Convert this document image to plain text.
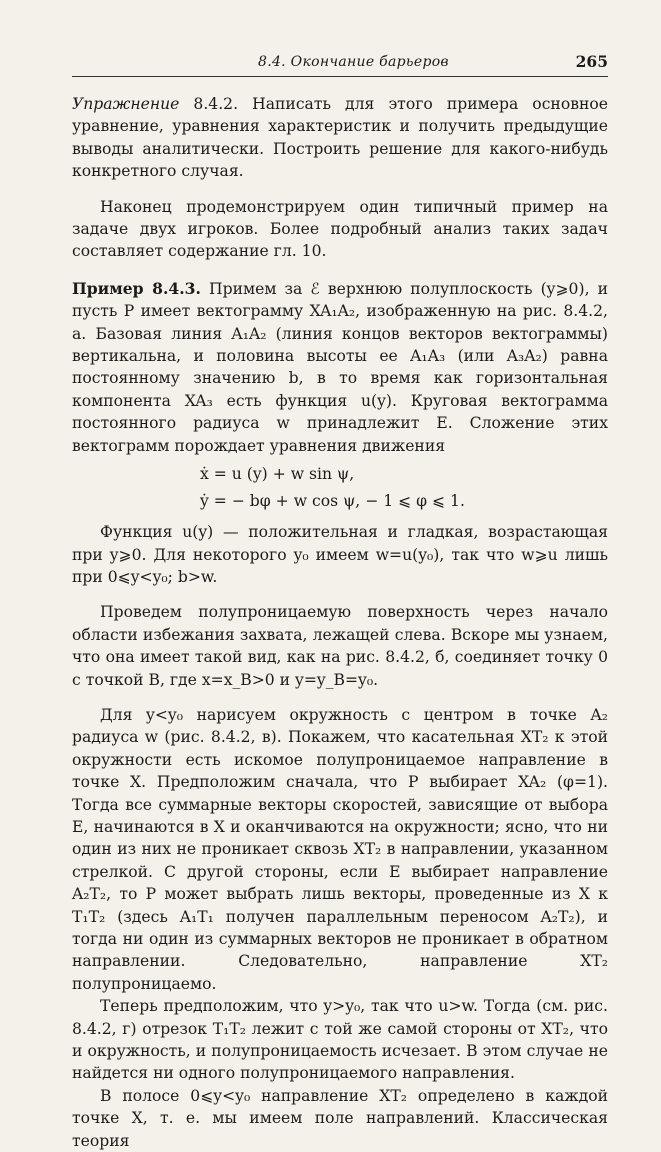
8.4. Окончание барьеров	265

Упражнение 8.4.2. Написать для этого примера основное уравнение, уравнения характеристик и получить предыдущие выводы аналитически. Построить решение для какого-нибудь конкретного случая.

Наконец продемонстрируем один типичный пример на задаче двух игроков. Более подробный анализ таких задач составляет содержание гл. 10.

Пример 8.4.3. Примем за ℰ верхнюю полуплоскость (y⩾0), и пусть P имеет вектограмму XA₁A₂, изображенную на рис. 8.4.2, a. Базовая линия A₁A₂ (линия концов векторов вектограммы) вертикальна, и половина высоты ее A₁A₃ (или A₃A₂) равна постоянному значению b, в то время как горизонтальная компонента XA₃ есть функция u(y). Круговая вектограмма постоянного радиуса w принадлежит E. Сложение этих вектограмм порождает уравнения движения

ẋ = u (y) + w sin ψ,
ẏ = − bφ + w cos ψ, − 1 ⩽ φ ⩽ 1.

Функция u(y) — положительная и гладкая, возрастающая при y⩾0. Для некоторого y₀ имеем w=u(y₀), так что w⩾u лишь при 0⩽y<y₀; b>w.

Проведем полупроницаемую поверхность через начало области избежания захвата, лежащей слева. Вскоре мы узнаем, что она имеет такой вид, как на рис. 8.4.2, б, соединяет точку 0 с точкой B, где x=x_B>0 и y=y_B=y₀.

Для y<y₀ нарисуем окружность с центром в точке A₂ радиуса w (рис. 8.4.2, в). Покажем, что касательная XT₂ к этой окружности есть искомое полупроницаемое направление в точке X. Предположим сначала, что P выбирает XA₂ (φ=1). Тогда все суммарные векторы скоростей, зависящие от выбора E, начинаются в X и оканчиваются на окружности; ясно, что ни один из них не проникает сквозь XT₂ в направлении, указанном стрелкой. С другой стороны, если E выбирает направление A₂T₂, то P может выбрать лишь векторы, проведенные из X к T₁T₂ (здесь A₁T₁ получен параллельным переносом A₂T₂), и тогда ни один из суммарных векторов не проникает в обратном направлении. Следовательно, направление XT₂ полупроницаемо.

Теперь предположим, что y>y₀, так что u>w. Тогда (см. рис. 8.4.2, г) отрезок T₁T₂ лежит с той же самой стороны от XT₂, что и окружность, и полупроницаемость исчезает. В этом случае не найдется ни одного полупроницаемого направления.

В полосе 0⩽y<y₀ направление XT₂ определено в каждой точке X, т. е. мы имеем поле направлений. Классическая теория
